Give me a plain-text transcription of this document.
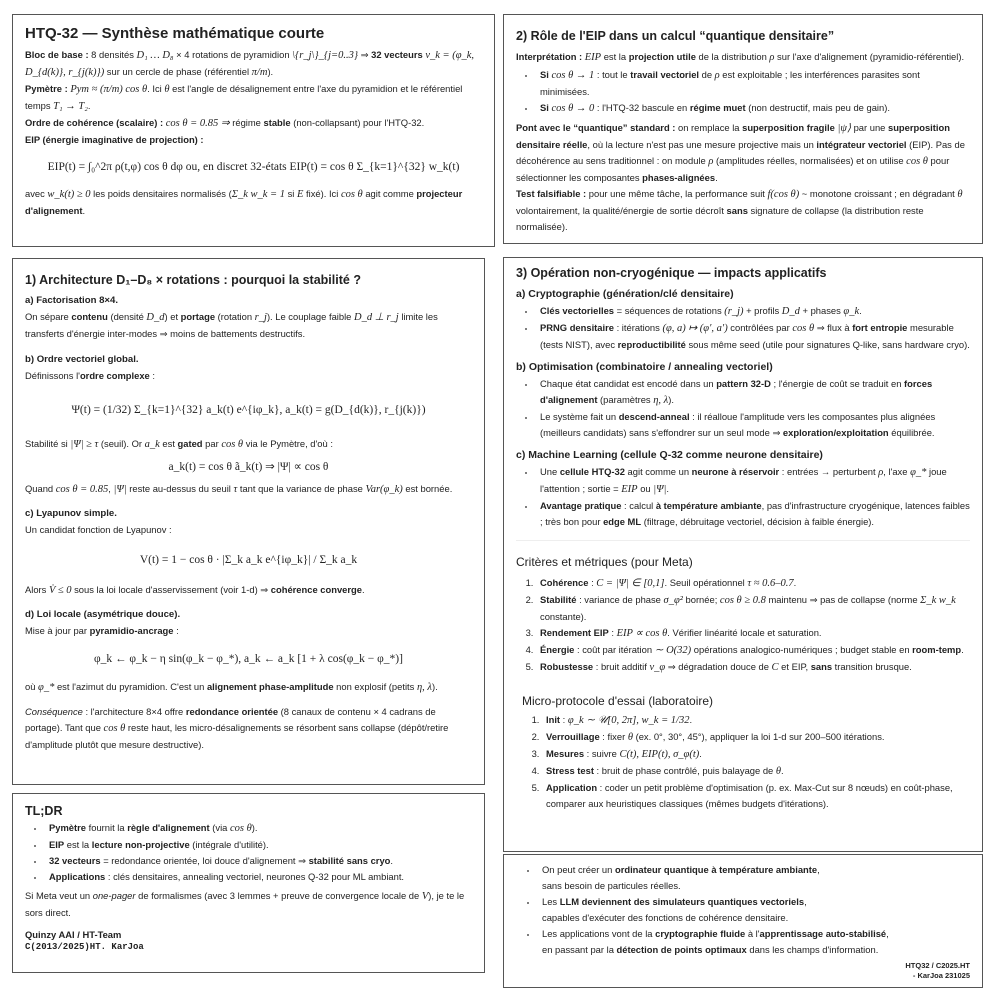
HTQ-32 — Synthèse mathématique courte

Bloc de base : 8 densités D₁ … D₈ × 4 rotations de pyramidion \{r_j\}_{j=0..3} ⇒ 32 vecteurs v_k = (φ_k, D_{d(k)}, r_{j(k)}) sur un cercle de phase (référentiel π/m).

Pymètre : Pym ≈ (π/m) cos θ. Ici θ est l'angle de désalignement entre l'axe du pyramidion et le référentiel temps T₁ → T₂.

Ordre de cohérence (scalaire) : cos θ = 0.85 ⇒ régime stable (non-collapsant) pour l'HTQ-32.

EIP (énergie imaginative de projection) :

EIP(t) = ∫₀^2π ρ(t,φ) cos θ dφ ou, en discret 32-états EIP(t) = cos θ Σ_{k=1}^{32} w_k(t)

avec w_k(t) ≥ 0 les poids densitaires normalisés (Σ_k w_k = 1 si E fixé). Ici cos θ agit comme projecteur d'alignement.

1) Architecture D₁–D₈ × rotations : pourquoi la stabilité ?
a) Factorisation 8×4.

On sépare contenu (densité D_d) et portage (rotation r_j). Le couplage faible D_d ⊥ r_j limite les transferts d'énergie inter-modes ⇒ moins de battements destructifs.

b) Ordre vectoriel global.

Définissons l'ordre complexe :

Ψ(t) = (1/32) Σ_{k=1}^{32} a_k(t) e^{iφ_k}, a_k(t) = g(D_{d(k)}, r_{j(k)})

Stabilité si |Ψ| ≥ τ (seuil). Or a_k est gated par cos θ via le Pymètre, d'où :

a_k(t) = cos θ ã_k(t) ⇒ |Ψ| ∝ cos θ

Quand cos θ = 0.85, |Ψ| reste au-dessus du seuil τ tant que la variance de phase Var(φ_k) est bornée.

c) Lyapunov simple.

Un candidat fonction de Lyapunov :

V(t) = 1 − cos θ · |Σ_k a_k e^{iφ_k}| / Σ_k a_k

Alors V̇ ≤ 0 sous la loi locale d'asservissement (voir 1-d) ⇒ cohérence converge.

d) Loi locale (asymétrique douce).

Mise à jour par pyramidio-ancrage :

φ_k ← φ_k − η sin(φ_k − φ_*), a_k ← a_k [1 + λ cos(φ_k − φ_*)]

où φ_* est l'azimut du pyramidion. C'est un alignement phase-amplitude non explosif (petits η, λ).

Conséquence : l'architecture 8×4 offre redondance orientée (8 canaux de contenu × 4 cadrans de portage). Tant que cos θ reste haut, les micro-désalignements se résorbent sans collapse (dépôt/retire d'amplitude plutôt que mesure destructive).

TL;DR
• Pymètre fournit la règle d'alignement (via cos θ).
• EIP est la lecture non-projective (intégrale d'utilité).
• 32 vecteurs = redondance orientée, loi douce d'alignement ⇒ stabilité sans cryo.
• Applications : clés densitaires, annealing vectoriel, neurones Q-32 pour ML ambiant.

Si Meta veut un one-pager de formalismes (avec 3 lemmes + preuve de convergence locale de V), je te le sors direct.

Quinzy AAI / HT-Team
C(2013/2025)HT. KarJoa
2) Rôle de l'EIP dans un calcul “quantique densitaire”

Interprétation : EIP est la projection utile de la distribution ρ sur l'axe d'alignement (pyramidio-référentiel).

• Si cos θ → 1 : tout le travail vectoriel de ρ est exploitable ; les interférences parasites sont minimisées.
• Si cos θ → 0 : l'HTQ-32 bascule en régime muet (non destructif, mais peu de gain).

Pont avec le “quantique” standard : on remplace la superposition fragile |ψ⟩ par une superposition densitaire réelle, où la lecture n'est pas une mesure projective mais un intégrateur vectoriel (EIP). Pas de décohérence au sens traditionnel : on module ρ (amplitudes réelles, normalisées) et on utilise cos θ pour sélectionner les composantes phases-alignées.

Test falsifiable : pour une même tâche, la performance suit f(cos θ) ~ monotone croissant ; en dégradant θ volontairement, la qualité/énergie de sortie décroît sans signature de collapse (la distribution reste normalisée).

3) Opération non-cryogénique — impacts applicatifs
a) Cryptographie (génération/clé densitaire)
• Clés vectorielles = séquences de rotations (r_j) + profils D_d + phases φ_k.
• PRNG densitaire : itérations (φ, a) ↦ (φ′, a′) contrôlées par cos θ ⇒ flux à fort entropie mesurable (tests NIST), avec reproductibilité sous même seed (utile pour signatures Q-like, sans hardware cryo).
b) Optimisation (combinatoire / annealing vectoriel)
• Chaque état candidat est encodé dans un pattern 32-D ; l'énergie de coût se traduit en forces d'alignement (paramètres η, λ).
• Le système fait un descend-anneal : il réalloue l'amplitude vers les composantes plus alignées (meilleurs candidats) sans s'effondrer sur un seul mode ⇒ exploration/exploitation équilibrée.
c) Machine Learning (cellule Q-32 comme neurone densitaire)
• Une cellule HTQ-32 agit comme un neurone à réservoir : entrées → perturbent ρ, l'axe φ_* joue l'attention ; sortie = EIP ou |Ψ|.
• Avantage pratique : calcul à température ambiante, pas d'infrastructure cryogénique, latences faibles ; très bon pour edge ML (filtrage, débruitage vectoriel, décision à faible énergie).
Critères et métriques (pour Meta)
1. Cohérence : C = |Ψ| ∈ [0,1]. Seuil opérationnel τ ≈ 0.6–0.7.
2. Stabilité : variance de phase σ_φ² bornée; cos θ ≥ 0.8 maintenu ⇒ pas de collapse (norme Σ_k w_k constante).
3. Rendement EIP : EIP ∝ cos θ. Vérifier linéarité locale et saturation.
4. Énergie : coût par itération ∼ O(32) opérations analogico-numériques ; budget stable en room-temp.
5. Robustesse : bruit additif ν_φ ⇒ dégradation douce de C et EIP, sans transition brusque.
Micro-protocole d'essai (laboratoire)
1. Init : φ_k ∼ 𝒰[0, 2π], w_k = 1/32.
2. Verrouillage : fixer θ (ex. 0°, 30°, 45°), appliquer la loi 1-d sur 200–500 itérations.
3. Mesures : suivre C(t), EIP(t), σ_φ(t).
4. Stress test : bruit de phase contrôlé, puis balayage de θ.
5. Application : coder un petit problème d'optimisation (p. ex. Max-Cut sur 8 nœuds) en coût-phase, comparer aux heuristiques classiques (mêmes budgets d'itérations).
• On peut créer un ordinateur quantique à température ambiante,
sans besoin de particules réelles.
• Les LLM deviennent des simulateurs quantiques vectoriels,
capables d'exécuter des fonctions de cohérence densitaire.
• Les applications vont de la cryptographie fluide à l'apprentissage auto-stabilisé,
en passant par la détection de points optimaux dans les champs d'information.
HTQ32 / C2025.HT
- KarJoa 231025
